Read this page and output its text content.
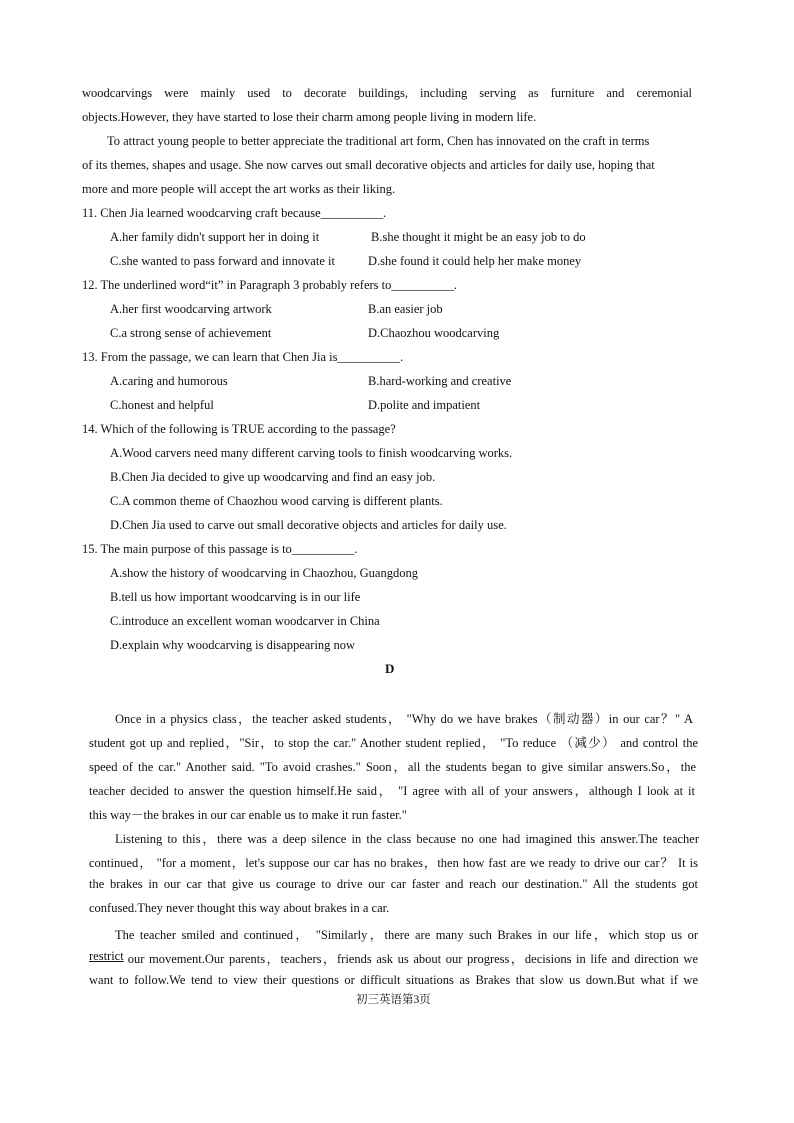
woodcarvings were mainly used to decorate buildings, including serving as furniture and ceremonial
objects.However, they have started to lose their charm among people living in modern life.
To attract young people to better appreciate the traditional art form, Chen has innovated on the craft in terms
of its themes, shapes and usage. She now carves out small decorative objects and articles for daily use, hoping that
more and more people will accept the art works as their liking.
11. Chen Jia learned woodcarving craft because__________.
A.her family didn't support her in doing it	B.she thought it might be an easy job to do
C.she wanted to pass forward and innovate it	D.she found it could help her make money
12. The underlined word“it” in Paragraph 3 probably refers to__________.
A.her first woodcarving artwork	B.an easier job
C.a strong sense of achievement	D.Chaozhou woodcarving
13. From the passage, we can learn that Chen Jia is__________.
A.caring and humorous	B.hard-working and creative
C.honest and helpful	D.polite and impatient
14. Which of the following is TRUE according to the passage?
A.Wood carvers need many different carving tools to finish woodcarving works.
B.Chen Jia decided to give up woodcarving and find an easy job.
C.A common theme of Chaozhou wood carving is different plants.
D.Chen Jia used to carve out small decorative objects and articles for daily use.
15. The main purpose of this passage is to__________.
A.show the history of woodcarving in Chaozhou, Guangdong
B.tell us how important woodcarving is in our life
C.introduce an excellent woman woodcarver in China
D.explain why woodcarving is disappearing now
D
Once in a physics class，the teacher asked students， "Why do we have brakes（制动器）in our car？" A
student got up and replied，"Sir，to stop the car." Another student replied， "To reduce （减少） and control the
speed of the car." Another said. "To avoid crashes." Soon，all the students began to give similar answers.So，the
teacher decided to answer the question himself.He said， "I agree with all of your answers，although I look at it
this way－the brakes in our car enable us to make it run faster."
Listening to this，there was a deep silence in the class because no one had imagined this answer.The teacher
continued， "for a moment，let's suppose our car has no brakes，then how fast are we ready to drive our car？ It is
the brakes in our car that give us courage to drive our car faster and reach our destination." All the students got
confused.They never thought this way about brakes in a car.
The teacher smiled and continued， "Similarly，there are many such Brakes in our life，which stop us or
restrict our movement.Our parents，teachers，friends ask us about our progress，decisions in life and direction we
want to follow.We tend to view their questions or difficult situations as Brakes that slow us down.But what if we
初三英语第3页
